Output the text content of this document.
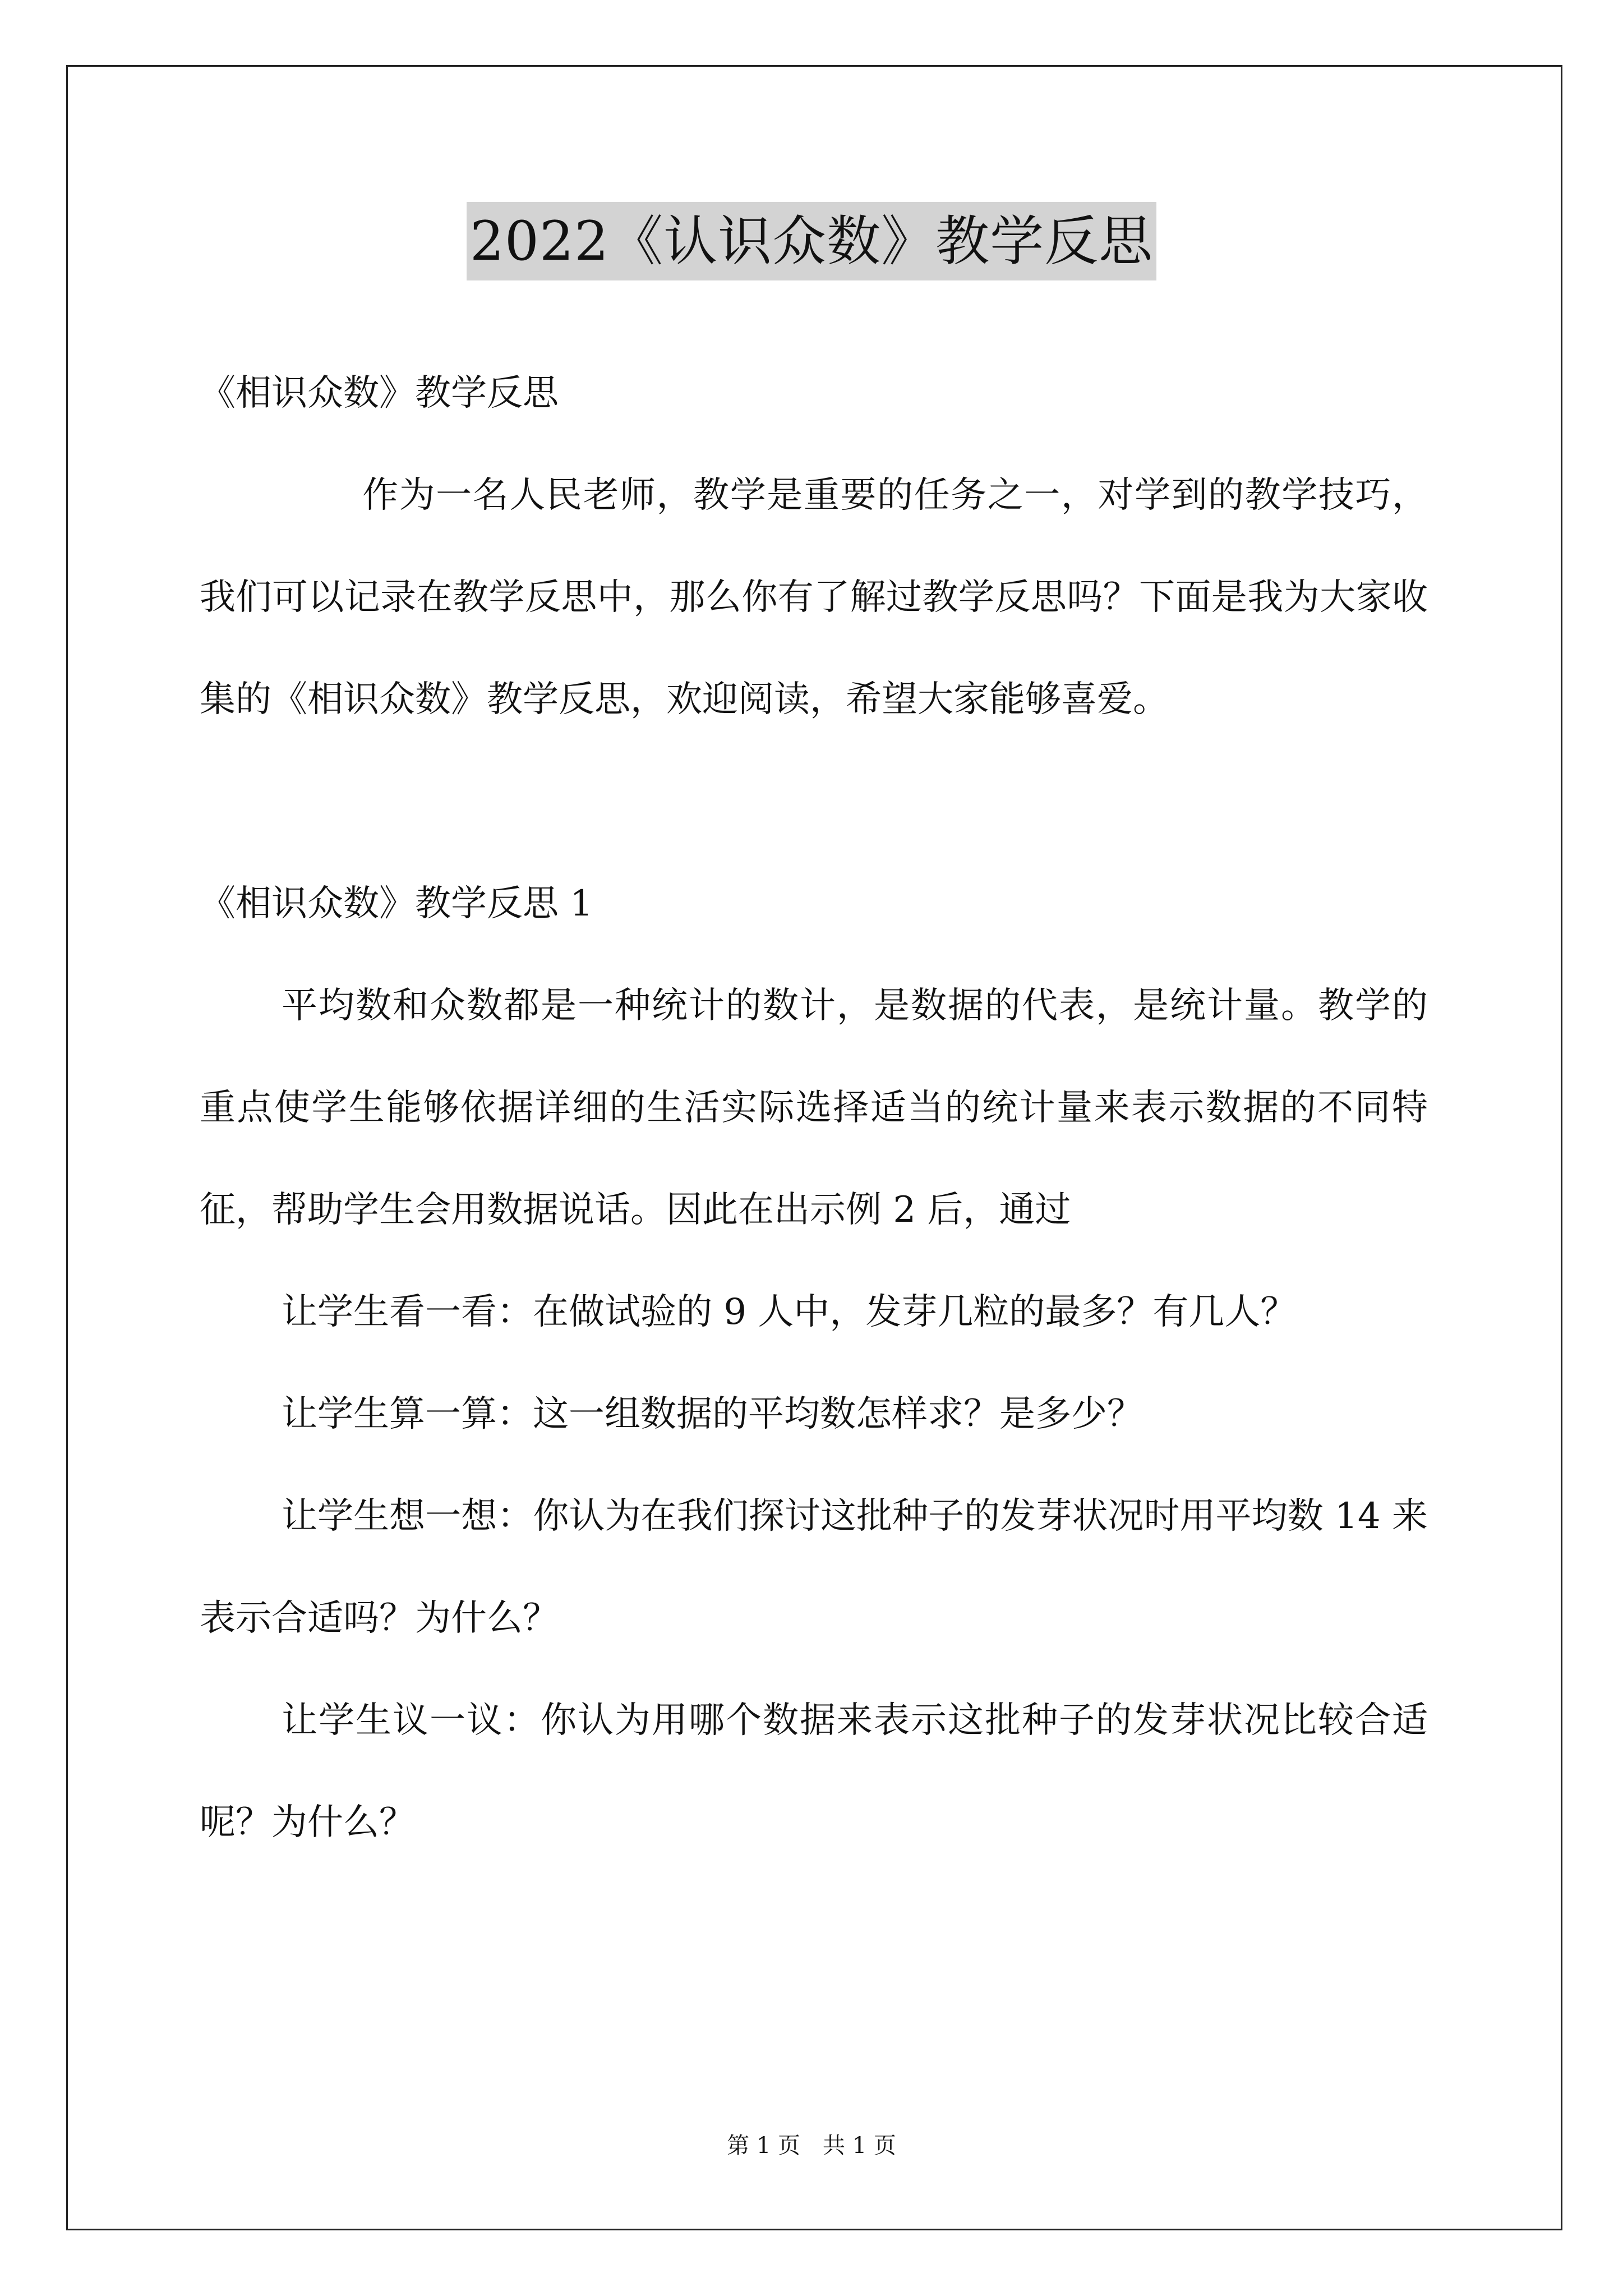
2022《认识众数》教学反思

《相识众数》教学反思

作为一名人民老师，教学是重要的任务之一，对学到的教学技巧，我们可以记录在教学反思中，那么你有了解过教学反思吗？下面是我为大家收集的《相识众数》教学反思，欢迎阅读，希望大家能够喜爱。

《相识众数》教学反思 1

平均数和众数都是一种统计的数计，是数据的代表，是统计量。教学的重点使学生能够依据详细的生活实际选择适当的统计量来表示数据的不同特征，帮助学生会用数据说话。因此在出示例 2 后，通过

让学生看一看：在做试验的 9 人中，发芽几粒的最多？有几人？

让学生算一算：这一组数据的平均数怎样求？是多少？

让学生想一想：你认为在我们探讨这批种子的发芽状况时用平均数 14 来表示合适吗？为什么？

让学生议一议：你认为用哪个数据来表示这批种子的发芽状况比较合适呢？为什么？

第 1 页　共 1 页
